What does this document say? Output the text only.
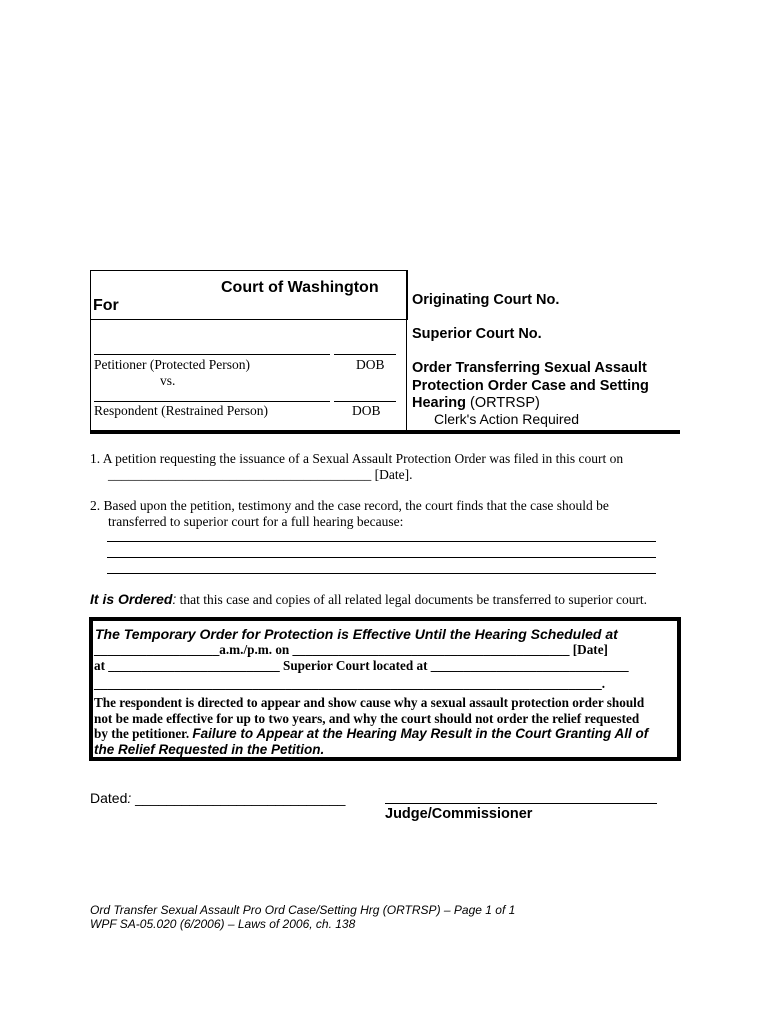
Court of Washington
For	Originating Court No.
Superior Court No.
Petitioner (Protected Person)	DOB
vs.
Respondent (Restrained Person)	DOB
Order Transferring Sexual Assault
Protection Order Case and Setting
Hearing (ORTRSP)
Clerk's Action Required
1. A petition requesting the issuance of a Sexual Assault Protection Order was filed in this court on
_______________________________________ [Date].
2. Based upon the petition, testimony and the case record, the court finds that the case should be
transferred to superior court for a full hearing because:
It is Ordered: that this case and copies of all related legal documents be transferred to superior court.
The Temporary Order for Protection is Effective Until the Hearing Scheduled at
___________________a.m./p.m. on __________________________________________ [Date]
at __________________________ Superior Court located at ______________________________
_____________________________________________________________________________.
The respondent is directed to appear and show cause why a sexual assault protection order should
not be made effective for up to two years, and why the court should not order the relief requested
by the petitioner. Failure to Appear at the Hearing May Result in the Court Granting All of
the Relief Requested in the Petition.
Dated: ___________________________
Judge/Commissioner
Ord Transfer Sexual Assault Pro Ord Case/Setting Hrg (ORTRSP) – Page 1 of 1
WPF SA-05.020 (6/2006) – Laws of 2006, ch. 138
